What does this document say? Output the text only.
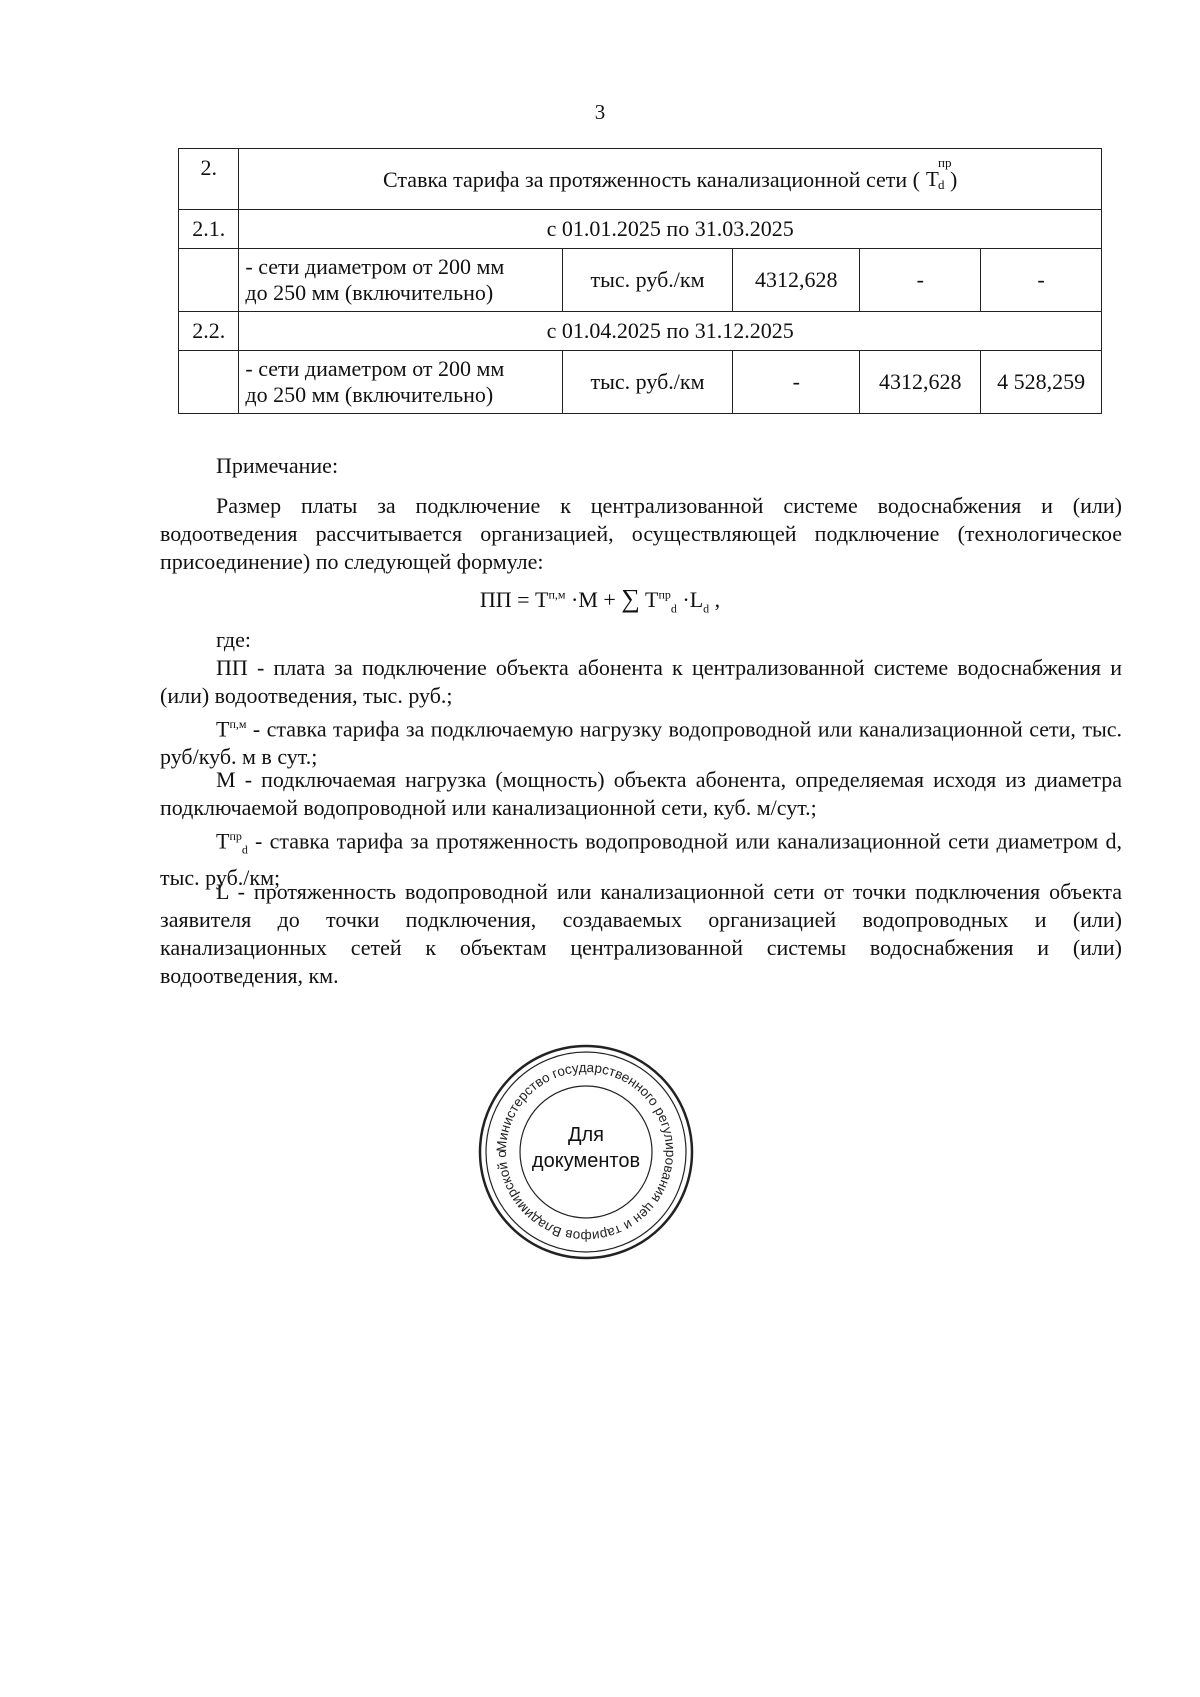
3
2.	Ставка тарифа за протяженность канализационной сети ( T
пр
d )				
2.1.	с 01.01.2025 по 31.03.2025				

	- сети диаметром от 200 мм
до 250 мм (включительно)	тыс. руб./км	4312,628	-	-
2.2.	с 01.04.2025 по 31.12.2025				

	- сети диаметром от 200 мм
до 250 мм (включительно)	тыс. руб./км	-	4312,628	4 528,259
Примечание:
Размер платы за подключение к централизованной системе водоснабжения и (или) водоотведения рассчитывается организацией, осуществляющей подключение (технологическое присоединение) по следующей формуле:
ПП = $T^{п,м} \cdot M$ + ∑ $T^{пр}_d \cdot L_d$ ,
где:
ПП - плата за подключение объекта абонента к централизованной системе водоснабжения и (или) водоотведения, тыс. руб.;
$T^{п,м}$ - ставка тарифа за подключаемую нагрузку водопроводной или канализационной сети, тыс. руб/куб. м в сут.;
M - подключаемая нагрузка (мощность) объекта абонента, определяемая исходя из диаметра подключаемой водопроводной или канализационной сети, куб. м/сут.;
$T^{пр}_d$ - ставка тарифа за протяженность водопроводной или канализационной сети диаметром d, тыс. руб./км;
L - протяженность водопроводной или канализационной сети от точки подключения объекта заявителя до точки подключения, создаваемых организацией водопроводных и (или) канализационных сетей к объектам централизованной системы водоснабжения и (или) водоотведения, км.
Министерство государственного регулирования цен и тарифов Владимирской о
Для
документов
